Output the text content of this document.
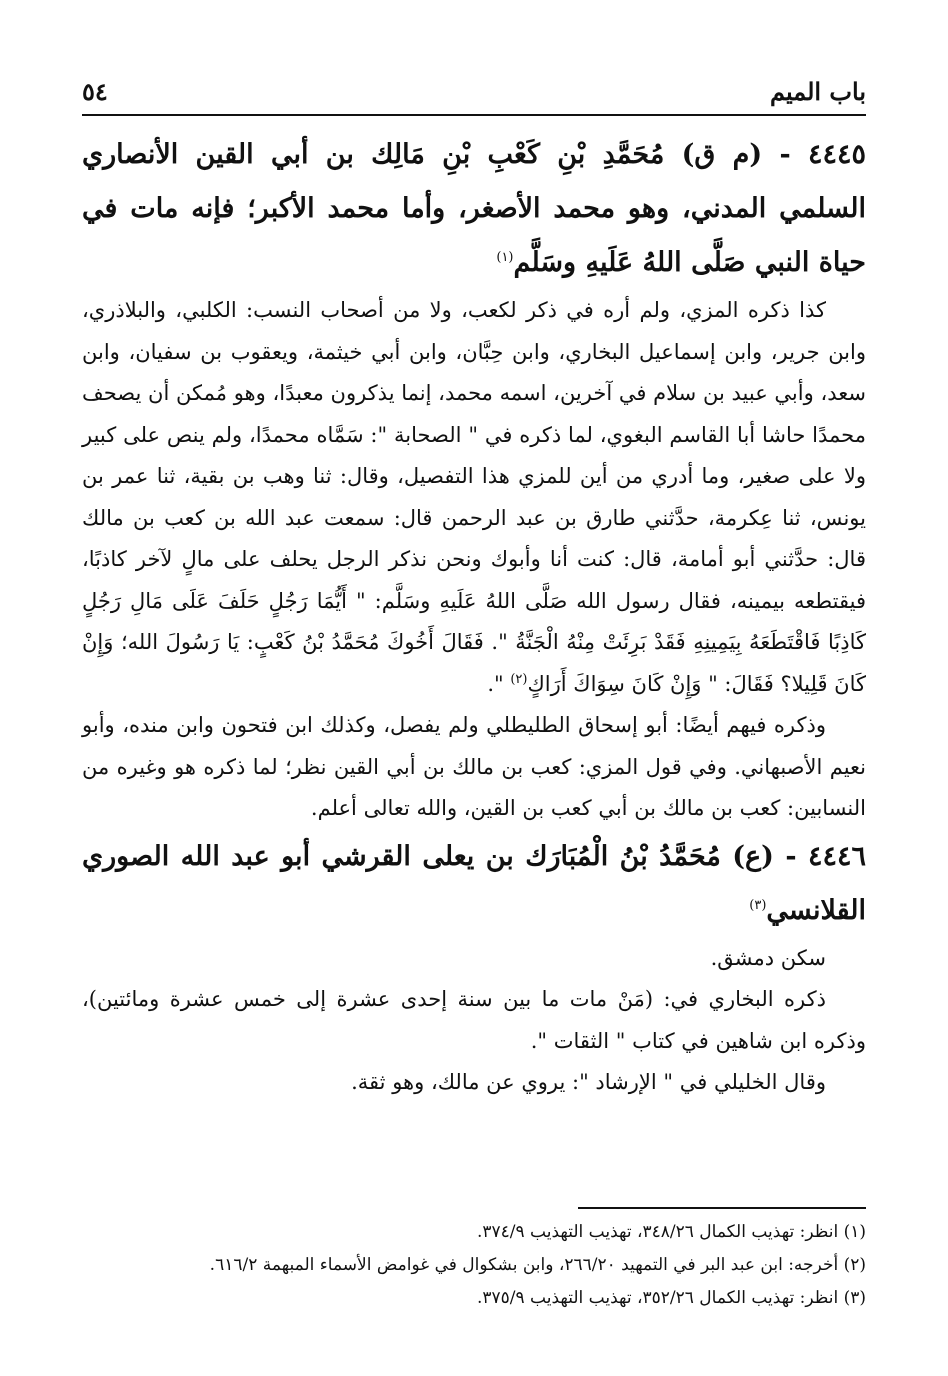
باب الميم
٥٤

٤٤٤٥ - (م ق) مُحَمَّدِ بْنِ كَعْبِ بْنِ مَالِك بن أبي القين الأنصاري السلمي المدني، وهو محمد الأصغر، وأما محمد الأكبر؛ فإنه مات في حياة النبي صَلَّى اللهُ عَلَيهِ وسَلَّم$^{(١)}$

كذا ذكره المزي، ولم أره في ذكر لكعب، ولا من أصحاب النسب: الكلبي، والبلاذري، وابن جرير، وابن إسماعيل البخاري، وابن حِبَّان، وابن أبي خيثمة، ويعقوب بن سفيان، وابن سعد، وأبي عبيد بن سلام في آخرين، اسمه محمد، إنما يذكرون معبدًا، وهو مُمكن أن يصحف محمدًا حاشا أبا القاسم البغوي، لما ذكره في " الصحابة ": سَمَّاه محمدًا، ولم ينص على كبير ولا على صغير، وما أدري من أين للمزي هذا التفصيل، وقال: ثنا وهب بن بقية، ثنا عمر بن يونس، ثنا عِكرمة، حدَّثني طارق بن عبد الرحمن قال: سمعت عبد الله بن كعب بن مالك قال: حدَّثني أبو أمامة، قال: كنت أنا وأبوك ونحن نذكر الرجل يحلف على مالٍ لآخر كاذبًا، فيقتطعه بيمينه، فقال رسول الله صَلَّى اللهُ عَلَيهِ وسَلَّم: " أَيُّمَا رَجُلٍ حَلَفَ عَلَى مَالِ رَجُلٍ كَاذِبًا فَاقْتَطَعَهُ بِيَمِينِهِ فَقَدْ بَرِئَتْ مِنْهُ الْجَنَّةُ ". فَقَالَ أَخُوكَ مُحَمَّدُ بْنُ كَعْبٍ: يَا رَسُولَ الله؛ وَإِنْ كَانَ قَلِيلا؟ فَقَالَ: " وَإِنْ كَانَ سِوَاكَ أَرَاكٍ$^{(٢)}$ ".

وذكره فيهم أيضًا: أبو إسحاق الطليطلي ولم يفصل، وكذلك ابن فتحون وابن منده، وأبو نعيم الأصبهاني. وفي قول المزي: كعب بن مالك بن أبي القين نظر؛ لما ذكره هو وغيره من النسابين: كعب بن مالك بن أبي كعب بن القين، والله تعالى أعلم.

٤٤٤٦ - (ع) مُحَمَّدُ بْنُ الْمُبَارَك بن يعلى القرشي أبو عبد الله الصوري القلانسي$^{(٣)}$

سكن دمشق.

ذكره البخاري في: (مَنْ مات ما بين سنة إحدى عشرة إلى خمس عشرة ومائتين)، وذكره ابن شاهين في كتاب " الثقات ".

وقال الخليلي في " الإرشاد ": يروي عن مالك، وهو ثقة.

(١) انظر: تهذيب الكمال ٣٤٨/٢٦، تهذيب التهذيب ٣٧٤/٩.

(٢) أخرجه: ابن عبد البر في التمهيد ٢٦٦/٢٠، وابن بشكوال في غوامض الأسماء المبهمة ٦١٦/٢.

(٣) انظر: تهذيب الكمال ٣٥٢/٢٦، تهذيب التهذيب ٣٧٥/٩.
